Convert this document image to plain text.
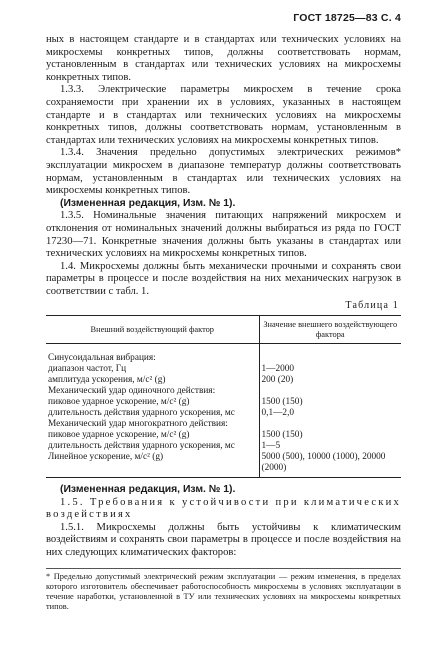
ГОСТ 18725—83 С. 4

ных в настоящем стандарте и в стандартах или технических условиях на микросхемы конкретных типов, должны соответствовать нормам, установленным в стандартах или технических условиях на микросхемы конкретных типов.

1.3.3. Электрические параметры микросхем в течение срока сохраняемости при хранении их в условиях, указанных в настоящем стандарте и в стандартах или технических условиях на микросхемы конкретных типов, должны соответствовать нормам, установленным в стандартах или технических условиях на микросхемы конкретных типов.

1.3.4. Значения предельно допустимых электрических режимов* эксплуатации микросхем в диапазоне температур должны соответствовать нормам, установленным в стандартах или технических условиях на микросхемы конкретных типов.

(Измененная редакция, Изм. № 1).

1.3.5. Номинальные значения питающих напряжений микросхем и отклонения от номинальных значений должны выбираться из ряда по ГОСТ 17230—71. Конкретные значения должны быть указаны в стандартах или технических условиях на микросхемы конкретных типов.

1.4. Микросхемы должны быть механически прочными и сохранять свои параметры в процессе и после воздействия на них механических нагрузок в соответствии с табл. 1.

Таблица 1
Внешний воздействующий фактор	Значение внешнего воздействующего фактора
Синусоидальная вибрация:	
диапазон частот, Гц	1—2000
амплитуда ускорения, м/с² (g)	200 (20)
Механический удар одиночного действия:	
пиковое ударное ускорение, м/с² (g)	1500 (150)
длительность действия ударного ускорения, мс	0,1—2,0
Механический удар многократного действия:	
пиковое ударное ускорение, м/с² (g)	1500 (150)
длительность действия ударного ускорения, мс	1—5
Линейное ускорение, м/с² (g)	5000 (500), 10000 (1000), 20000 (2000)

(Измененная редакция, Изм. № 1).

1.5. Требования к устойчивости при климатических воздействиях

1.5.1. Микросхемы должны быть устойчивы к климатическим воздействиям и сохранять свои параметры в процессе и после воздействия на них следующих климатических факторов:

* Предельно допустимый электрический режим эксплуатации — режим изменения, в пределах которого изготовитель обеспечивает работоспособность микросхемы в условиях эксплуатации в течение наработки, установленной в ТУ или технических условиях на микросхемы конкретных типов.
